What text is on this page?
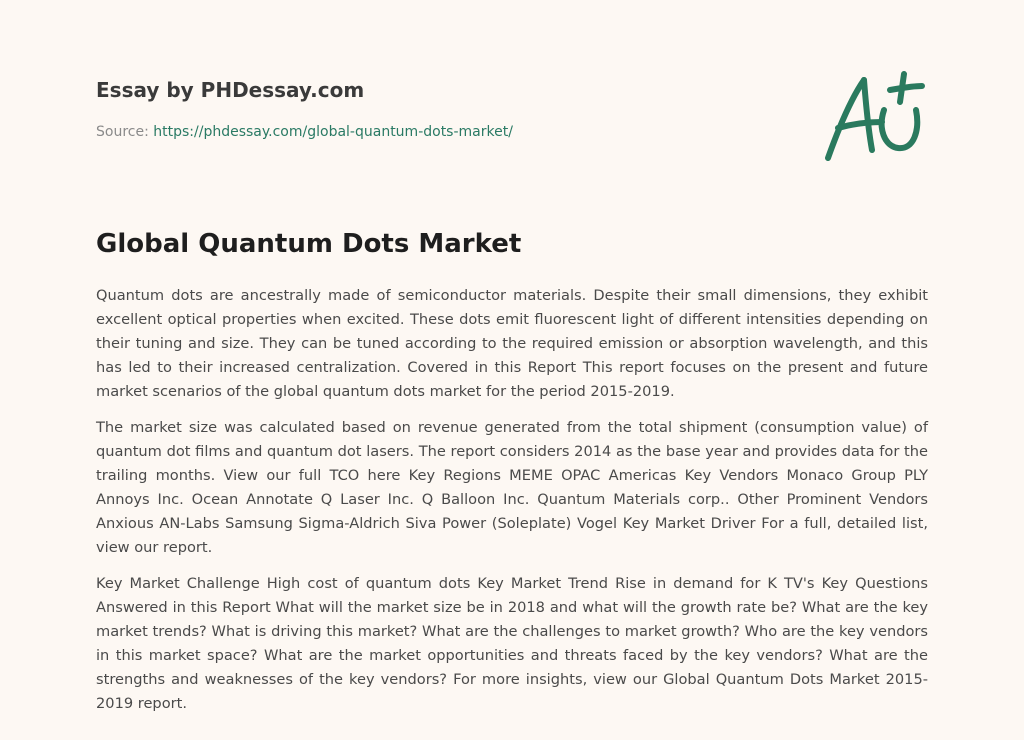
Essay by PHDessay.com
Source: https://phdessay.com/global-quantum-dots-market/
Global Quantum Dots Market

Quantum dots are ancestrally made of semiconductor materials. Despite their small dimensions, they exhibit excellent optical properties when excited. These dots emit fluorescent light of different intensities depending on their tuning and size. They can be tuned according to the required emission or absorption wavelength, and this has led to their increased centralization. Covered in this Report This report focuses on the present and future market scenarios of the global quantum dots market for the period 2015-2019.

The market size was calculated based on revenue generated from the total shipment (consumption value) of quantum dot films and quantum dot lasers. The report considers 2014 as the base year and provides data for the trailing months. View our full TCO here Key Regions MEME OPAC Americas Key Vendors Monaco Group PLY Annoys Inc. Ocean Annotate Q Laser Inc. Q Balloon Inc. Quantum Materials corp.. Other Prominent Vendors Anxious AN-Labs Samsung Sigma-Aldrich Siva Power (Soleplate) Vogel Key Market Driver For a full, detailed list, view our report.

Key Market Challenge High cost of quantum dots Key Market Trend Rise in demand for K TV's Key Questions Answered in this Report What will the market size be in 2018 and what will the growth rate be? What are the key market trends? What is driving this market? What are the challenges to market growth? Who are the key vendors in this market space? What are the market opportunities and threats faced by the key vendors? What are the strengths and weaknesses of the key vendors? For more insights, view our Global Quantum Dots Market 2015-2019 report.
